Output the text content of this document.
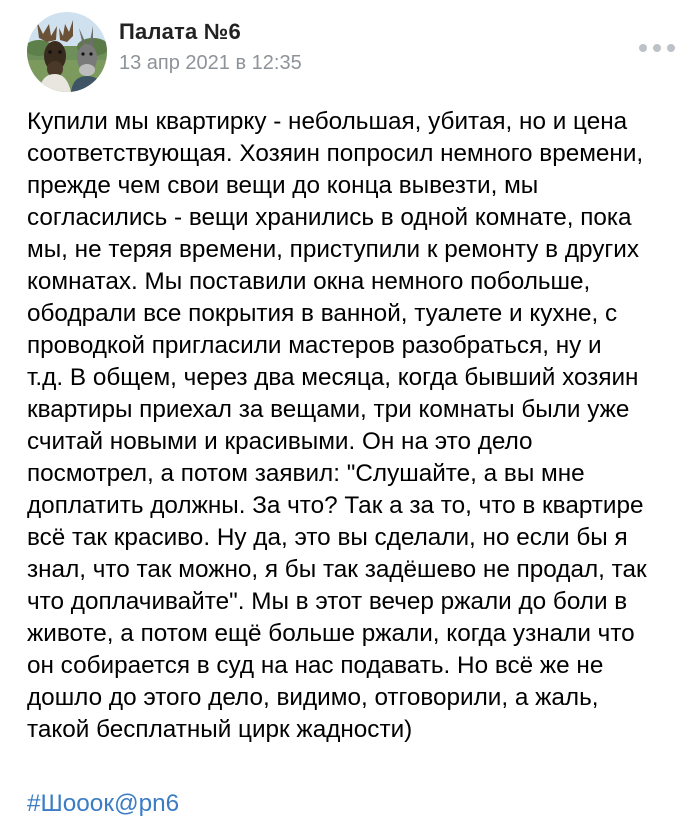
Палата №6
13 апр 2021 в 12:35
Купили мы квартирку - небольшая, убитая, но и цена
соответствующая. Хозяин попросил немного времени,
прежде чем свои вещи до конца вывезти, мы
согласились - вещи хранились в одной комнате, пока
мы, не теряя времени, приступили к ремонту в других
комнатах. Мы поставили окна немного побольше,
ободрали все покрытия в ванной, туалете и кухне, с
проводкой пригласили мастеров разобраться, ну и
т.д. В общем, через два месяца, когда бывший хозяин
квартиры приехал за вещами, три комнаты были уже
считай новыми и красивыми. Он на это дело
посмотрел, а потом заявил: "Слушайте, а вы мне
доплатить должны. За что? Так а за то, что в квартире
всё так красиво. Ну да, это вы сделали, но если бы я
знал, что так можно, я бы так задёшево не продал, так
что доплачивайте". Мы в этот вечер ржали до боли в
животе, а потом ещё больше ржали, когда узнали что
он собирается в суд на нас подавать. Но всё же не
дошло до этого дело, видимо, отговорили, а жаль,
такой бесплатный цирк жадности)
#Шооок@pn6
